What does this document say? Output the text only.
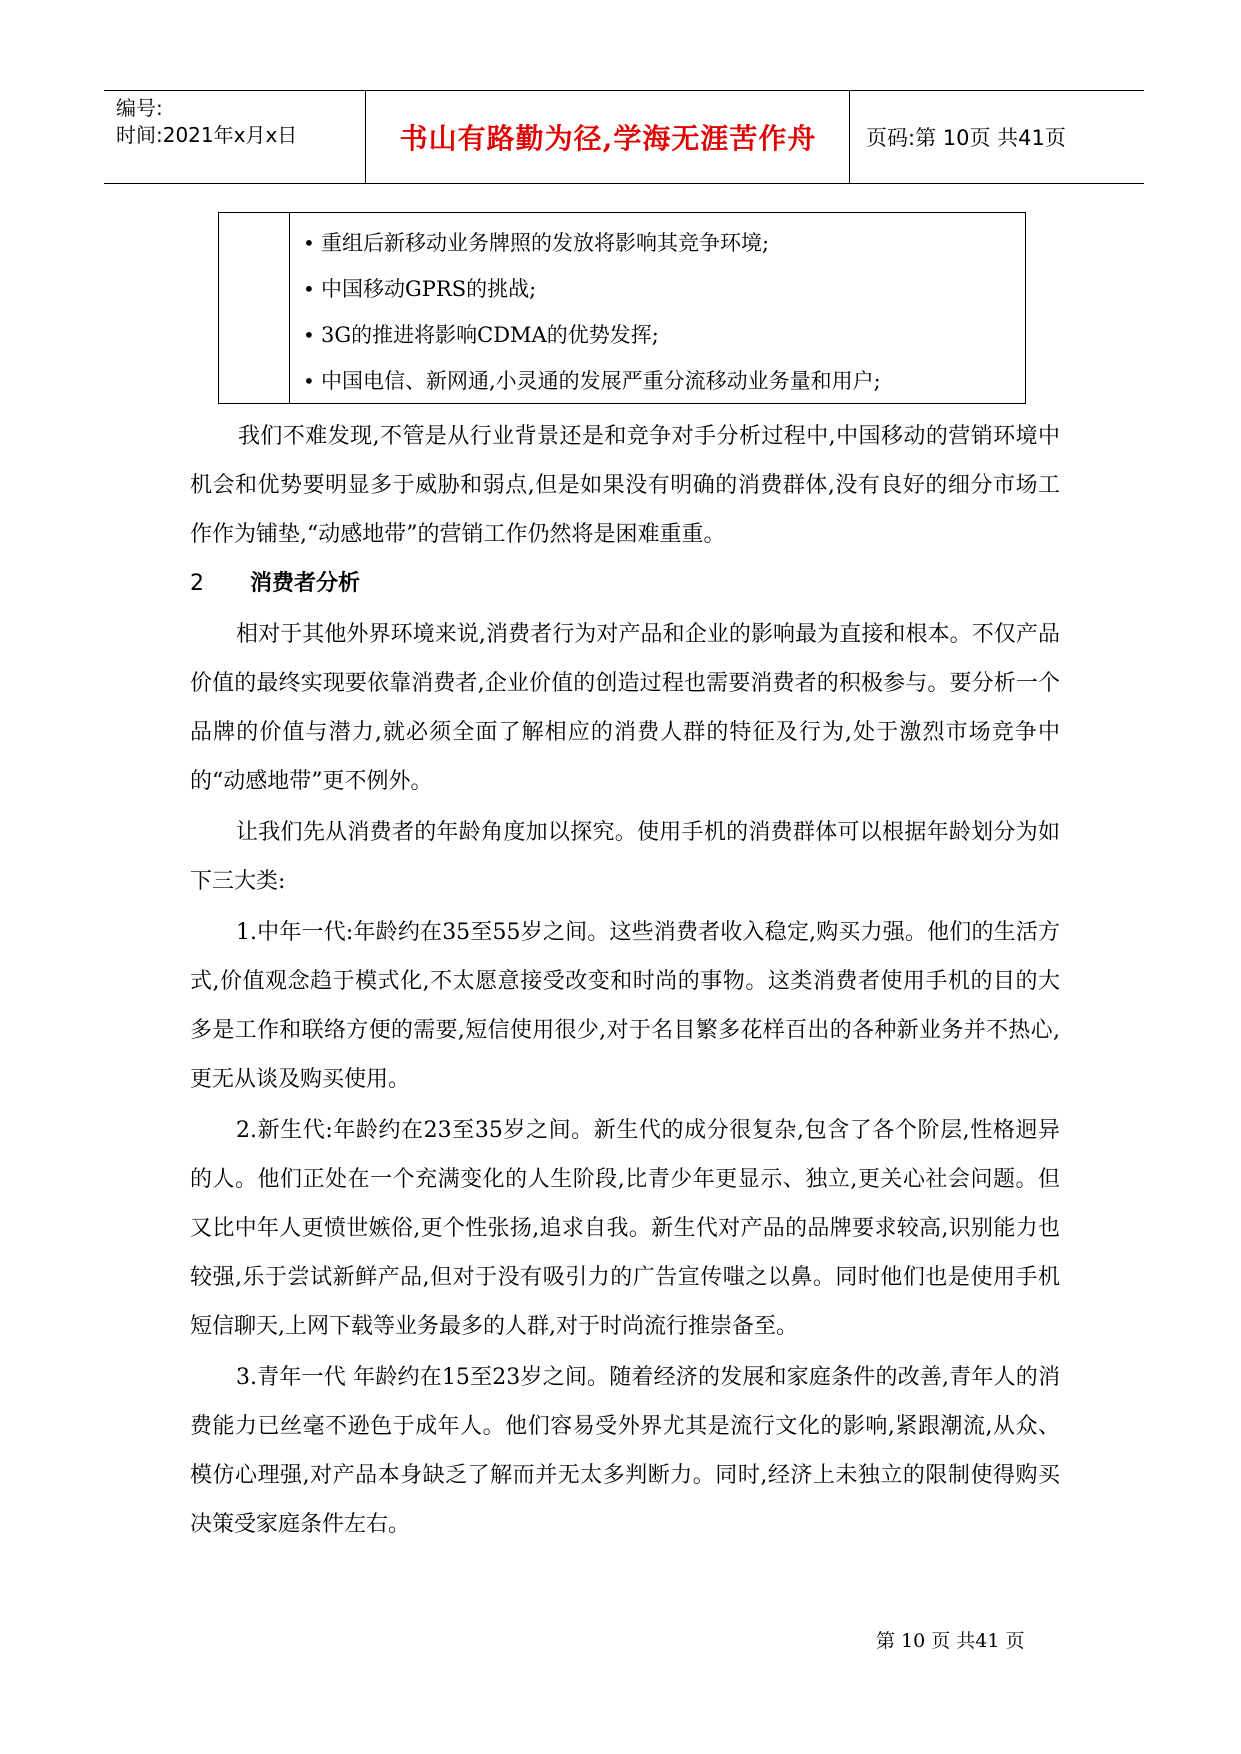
编号:
时间:2021年x月x日	书山有路勤为径,学海无涯苦作舟	页码:第 10页 共41页
• 重组后新移动业务牌照的发放将影响其竞争环境;
• 中国移动GPRS的挑战;
• 3G的推进将影响CDMA的优势发挥;
• 中国电信、新网通,小灵通的发展严重分流移动业务量和用户;

我们不难发现,不管是从行业背景还是和竞争对手分析过程中,中国移动的营销环境中机会和优势要明显多于威胁和弱点,但是如果没有明确的消费群体,没有良好的细分市场工作作为铺垫,“动感地带”的营销工作仍然将是困难重重。

2 消费者分析

相对于其他外界环境来说,消费者行为对产品和企业的影响最为直接和根本。不仅产品价值的最终实现要依靠消费者,企业价值的创造过程也需要消费者的积极参与。要分析一个品牌的价值与潜力,就必须全面了解相应的消费人群的特征及行为,处于激烈市场竞争中的“动感地带”更不例外。

让我们先从消费者的年龄角度加以探究。使用手机的消费群体可以根据年龄划分为如下三大类:

1.中年一代:年龄约在35至55岁之间。这些消费者收入稳定,购买力强。他们的生活方式,价值观念趋于模式化,不太愿意接受改变和时尚的事物。这类消费者使用手机的目的大多是工作和联络方便的需要,短信使用很少,对于名目繁多花样百出的各种新业务并不热心,更无从谈及购买使用。

2.新生代:年龄约在23至35岁之间。新生代的成分很复杂,包含了各个阶层,性格迥异的人。他们正处在一个充满变化的人生阶段,比青少年更显示、独立,更关心社会问题。但又比中年人更愤世嫉俗,更个性张扬,追求自我。新生代对产品的品牌要求较高,识别能力也较强,乐于尝试新鲜产品,但对于没有吸引力的广告宣传嗤之以鼻。同时他们也是使用手机短信聊天,上网下载等业务最多的人群,对于时尚流行推崇备至。

3.青年一代 年龄约在15至23岁之间。随着经济的发展和家庭条件的改善,青年人的消费能力已丝毫不逊色于成年人。他们容易受外界尤其是流行文化的影响,紧跟潮流,从众、模仿心理强,对产品本身缺乏了解而并无太多判断力。同时,经济上未独立的限制使得购买决策受家庭条件左右。

第 10 页 共41 页
